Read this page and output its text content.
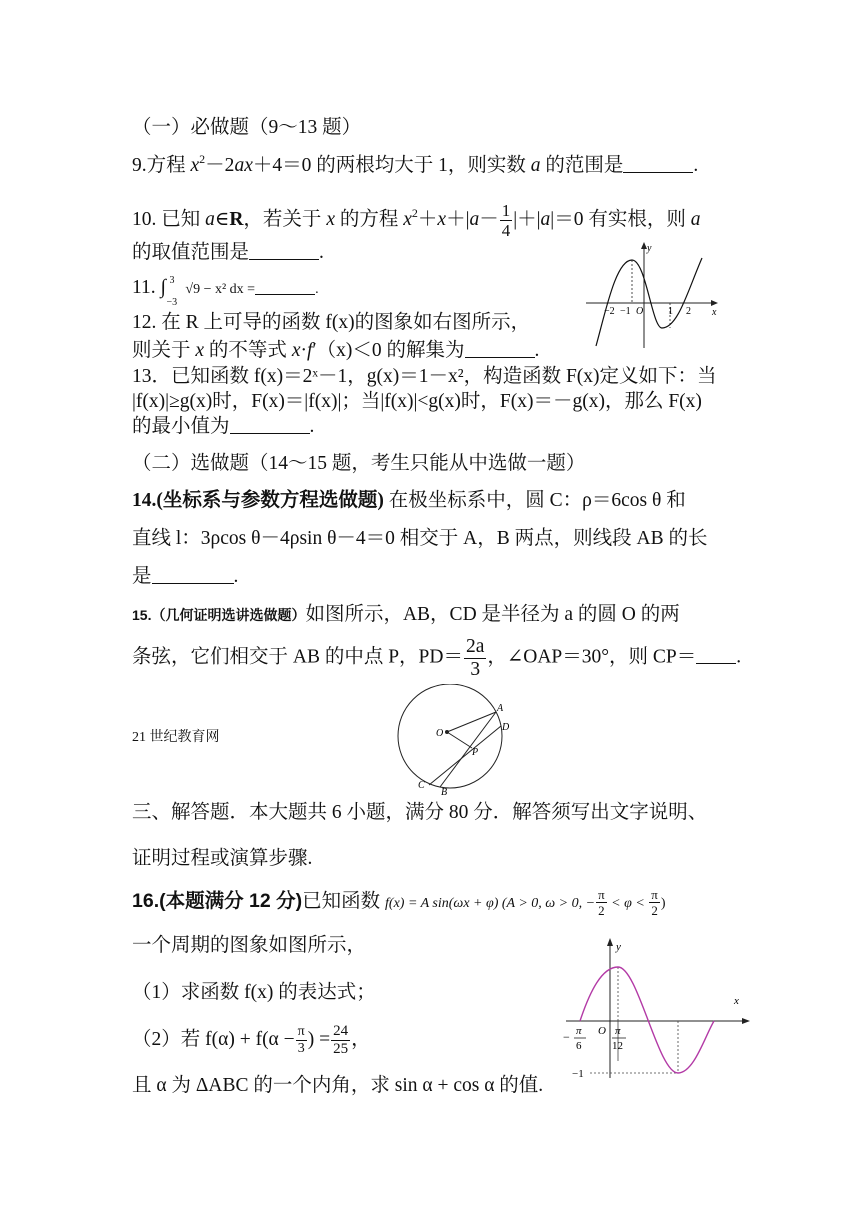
（一）必做题（9～13 题）
9.方程 $x^2-2ax+4=0$ 的两根均大于 1，则实数 a 的范围是	.
10. 已知 a∈R，若关于 x 的方程 $x^2+x+|a- \frac{1}{4} |+|a|=0$ 有实根，则 a
的取值范围是	.
11. ∫ 3
−3
√9 − x² dx =	.
y
x
−2 −1 O 1 2
12. 在 R 上可导的函数 f(x)的图象如右图所示，
则关于 x 的不等式 x·f′（x)＜0 的解集为	.
13．已知函数 f(x)＝2ˣ－1，g(x)＝1－x²，构造函数 F(x)定义如下：当
|f(x)|≥g(x)时，F(x)＝|f(x)|；当|f(x)|<g(x)时，F(x)＝－g(x)，那么 F(x)
的最小值为	.
（二）选做题（14～15 题，考生只能从中选做一题）
14.(坐标系与参数方程选做题) 在极坐标系中，圆 C：ρ＝6cos θ 和
直线 l：3ρcos θ－4ρsin θ－4＝0 相交于 A，B 两点，则线段 AB 的长
是	.
15.（几何证明选讲选做题）如图所示，AB，CD 是半径为 a 的圆 O 的两
条弦，它们相交于 AB 的中点 P，$PD= \frac{2a}{3}$ ，∠OAP＝30°，则 CP＝ .
21 世纪教育网
A
D
O
P
C
B
三、解答题．本大题共 6 小题，满分 80 分．解答须写出文字说明、
证明过程或演算步骤.
16.(本题满分 12 分)已知函数 f(x) = A sin(ωx + φ) (A > 0, ω > 0, − $\frac{\pi}{2} < \varphi < \frac{\pi}{2}$ )
一个周期的图象如图所示，
（1）求函数 f(x) 的表达式；
（2）若 $f(\alpha) + f(\alpha - \frac{\pi}{3}$ ) = $\frac{24}{25}$ ，
且 α 为 ΔABC 的一个内角，求 sin α + cos α 的值.
y
x
O
− π
6
π
12
−1
